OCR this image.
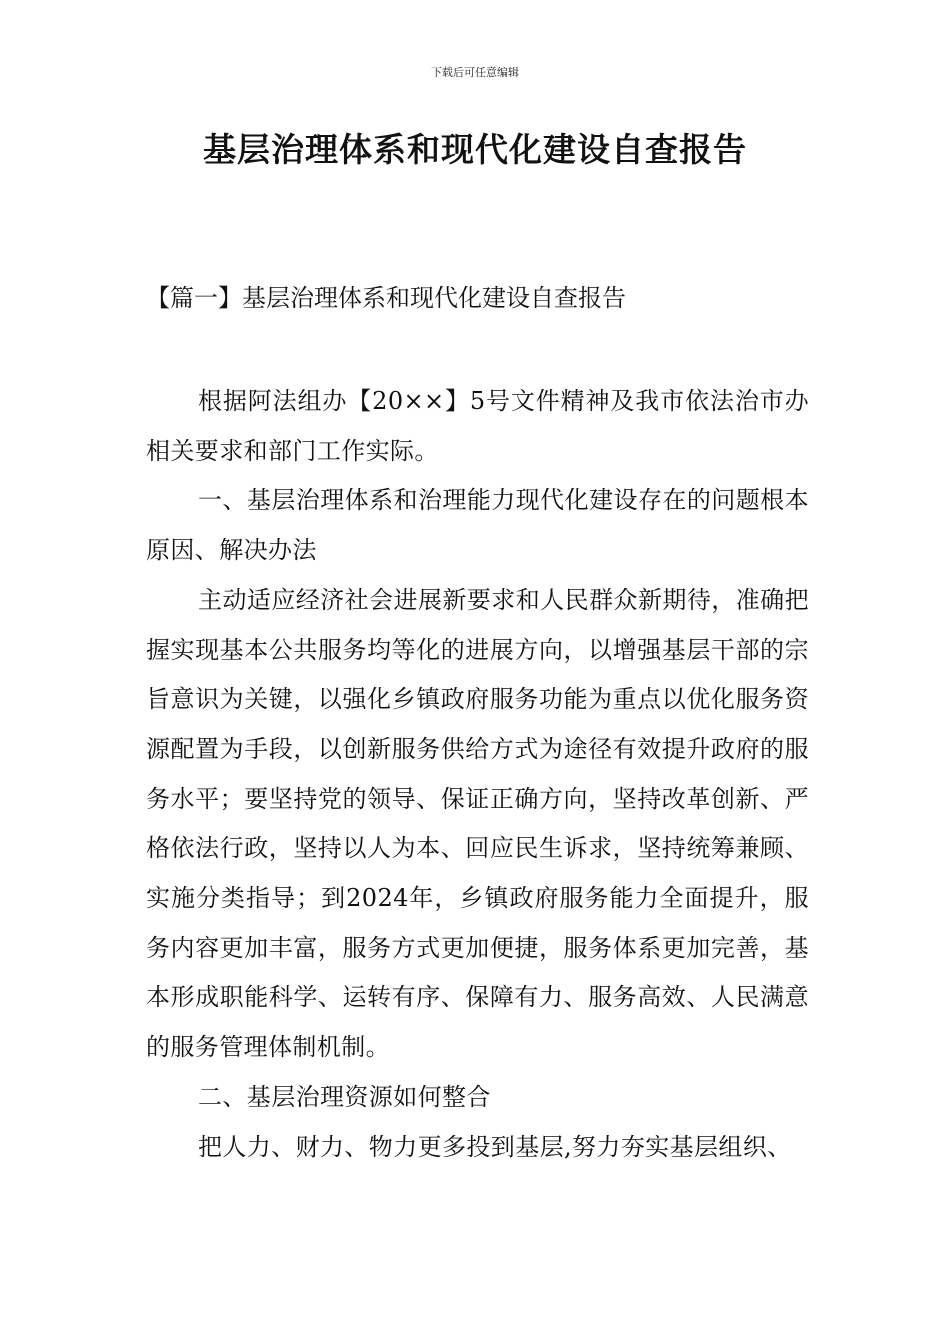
下载后可任意编辑
基层治理体系和现代化建设自查报告
【篇一】基层治理体系和现代化建设自查报告

根据阿法组办【20××】5号文件精神及我市依法治市办相关要求和部门工作实际。

一、基层治理体系和治理能力现代化建设存在的问题根本原因、解决办法

主动适应经济社会进展新要求和人民群众新期待，准确把握实现基本公共服务均等化的进展方向，以增强基层干部的宗旨意识为关键，以强化乡镇政府服务功能为重点以优化服务资源配置为手段，以创新服务供给方式为途径有效提升政府的服务水平；要坚持党的领导、保证正确方向，坚持改革创新、严格依法行政，坚持以人为本、回应民生诉求，坚持统筹兼顾、实施分类指导；到2024年，乡镇政府服务能力全面提升，服务内容更加丰富，服务方式更加便捷，服务体系更加完善，基本形成职能科学、运转有序、保障有力、服务高效、人民满意的服务管理体制机制。

二、基层治理资源如何整合

把人力、财力、物力更多投到基层,努力夯实基层组织、
